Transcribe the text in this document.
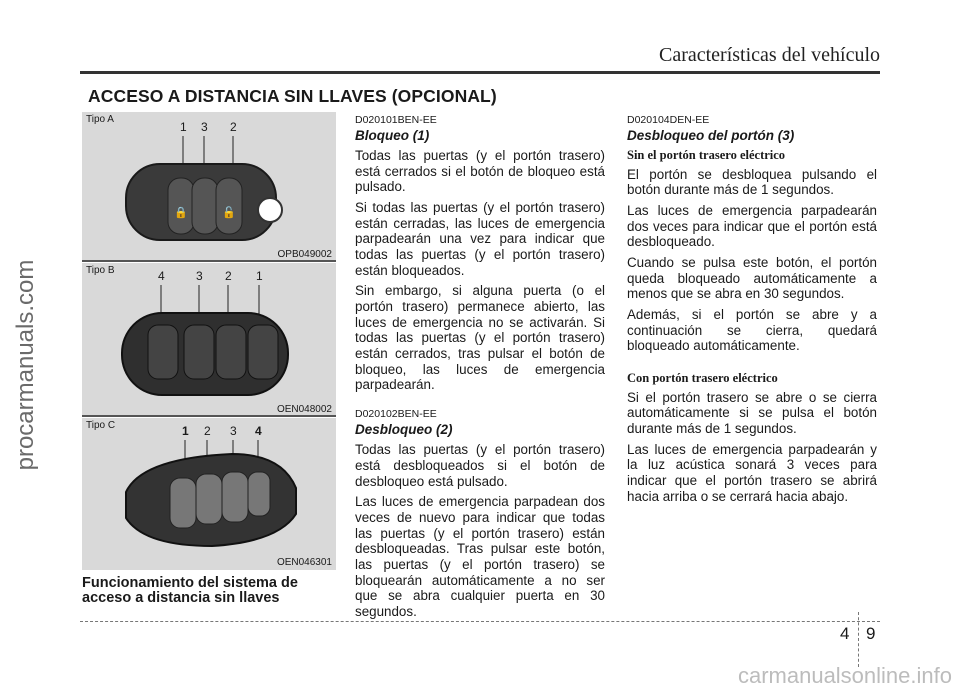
Características del vehículo
ACCESO A DISTANCIA SIN LLAVES (OPCIONAL)
procarmanuals.com
Tipo A
1 3 2
🔒	🔓
OPB049002
Tipo B	4	3 2 1
OEN048002
Tipo C	1 2 3 4
OEN046301
Funcionamiento del sistema de acceso a distancia sin llaves
D020101BEN-EE
Bloqueo (1)

Todas las puertas (y el portón trasero) está cerrados si el botón de bloqueo está pulsado.

Si todas las puertas (y el portón trasero) están cerradas, las luces de emergencia parpadearán una vez para indicar que todas las puertas (y el portón trasero) están bloqueados.

Sin embargo, si alguna puerta (o el portón trasero) permanece abierto, las luces de emergencia no se activarán. Si todas las puertas (y el portón trasero) están cerrados, tras pulsar el botón de bloqueo, las luces de emergencia parpadearán.

D020102BEN-EE
Desbloqueo (2)

Todas las puertas (y el portón trasero) está desbloqueados si el botón de desbloqueo está pulsado.

Las luces de emergencia parpadean dos veces de nuevo para indicar que todas las puertas (y el portón trasero) están desbloqueadas. Tras pulsar este botón, las puertas (y el portón trasero) se bloquearán automáticamente a no ser que se abra cualquier puerta en 30 segundos.

D020104DEN-EE
Desbloqueo del portón (3)
Sin el portón trasero eléctrico

El portón se desbloquea pulsando el botón durante más de 1 segundos.

Las luces de emergencia parpadearán dos veces para indicar que el portón está desbloqueado.

Cuando se pulsa este botón, el portón queda bloqueado automáticamente a menos que se abra en 30 segundos.

Además, si el portón se abre y a continuación se cierra, quedará bloqueado automáticamente.

Con portón trasero eléctrico

Si el portón trasero se abre o se cierra automáticamente si se pulsa el botón durante más de 1 segundos.

Las luces de emergencia parpadearán y la luz acústica sonará 3 veces para indicar que el portón trasero se abrirá hacia arriba o se cerrará hacia abajo.

4 9
carmanualsonline.info
